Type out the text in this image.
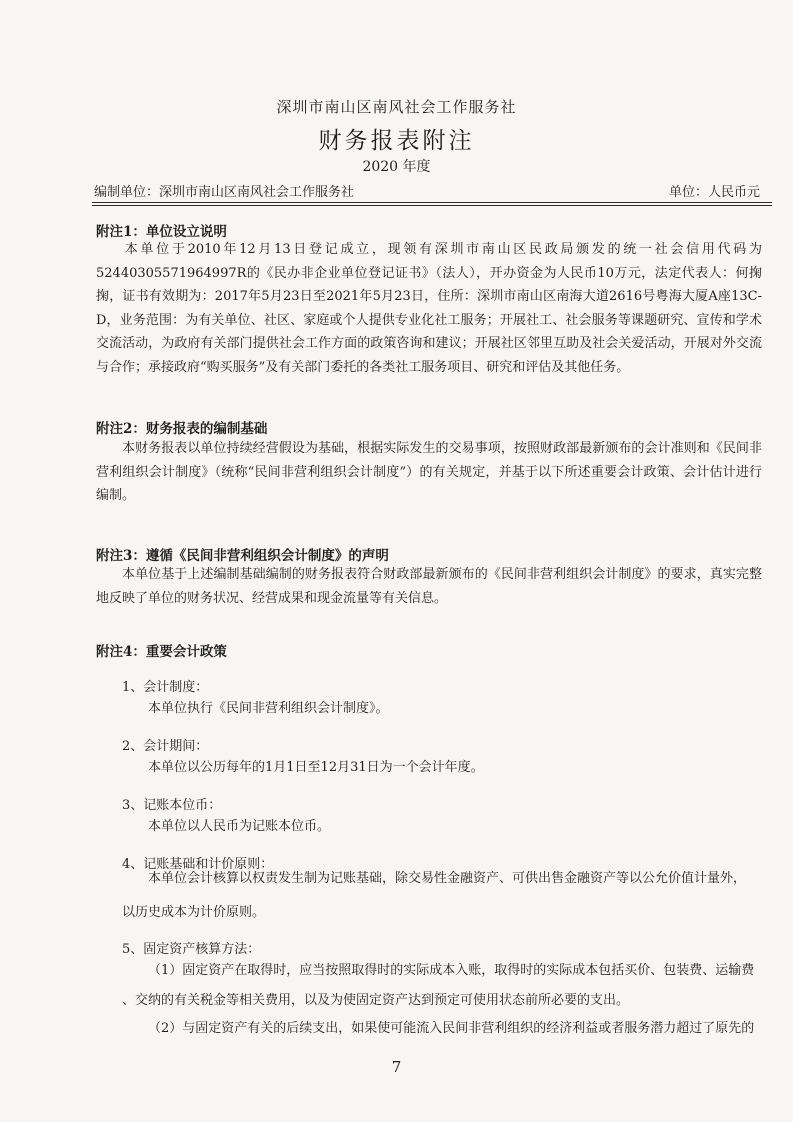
深圳市南山区南风社会工作服务社
财务报表附注
2020 年度
编制单位：深圳市南山区南风社会工作服务社	单位：人民币元
附注1：单位设立说明
本单位于2010年12月13日登记成立，现领有深圳市南山区民政局颁发的统一社会信用代码为52440305571964997R的《民办非企业单位登记证书》（法人），开办资金为人民币10万元，法定代表人：何掬掬，证书有效期为：2017年5月23日至2021年5月23日，住所：深圳市南山区南海大道2616号粤海大厦A座13C-D，业务范围：为有关单位、社区、家庭或个人提供专业化社工服务；开展社工、社会服务等课题研究、宣传和学术交流活动，为政府有关部门提供社会工作方面的政策咨询和建议；开展社区邻里互助及社会关爱活动，开展对外交流与合作；承接政府“购买服务”及有关部门委托的各类社工服务项目、研究和评估及其他任务。
附注2：财务报表的编制基础
本财务报表以单位持续经营假设为基础，根据实际发生的交易事项，按照财政部最新颁布的会计准则和《民间非营利组织会计制度》（统称“民间非营利组织会计制度”）的有关规定，并基于以下所述重要会计政策、会计估计进行编制。
附注3：遵循《民间非营利组织会计制度》的声明
本单位基于上述编制基础编制的财务报表符合财政部最新颁布的《民间非营利组织会计制度》的要求，真实完整地反映了单位的财务状况、经营成果和现金流量等有关信息。
附注4：重要会计政策
1、会计制度：
本单位执行《民间非营利组织会计制度》。
2、会计期间：
本单位以公历每年的1月1日至12月31日为一个会计年度。
3、记账本位币：
本单位以人民币为记账本位币。
4、记账基础和计价原则：
本单位会计核算以权责发生制为记账基础，除交易性金融资产、可供出售金融资产等以公允价值计量外，
以历史成本为计价原则。
5、固定资产核算方法：
（1）固定资产在取得时，应当按照取得时的实际成本入账，取得时的实际成本包括买价、包装费、运输费
、交纳的有关税金等相关费用，以及为使固定资产达到预定可使用状态前所必要的支出。
（2）与固定资产有关的后续支出，如果使可能流入民间非营利组织的经济利益或者服务潜力超过了原先的
7
